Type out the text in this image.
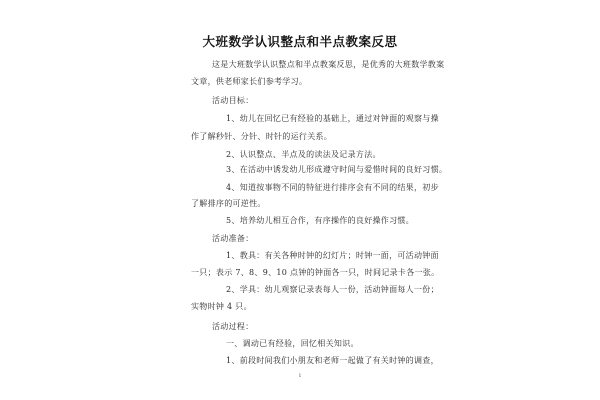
大班数学认识整点和半点教案反思
这是大班数学认识整点和半点教案反思，是优秀的大班数学教案
文章，供老师家长们参考学习。
活动目标：
1、幼儿在回忆已有经验的基础上，通过对钟面的观察与操
作了解秒针、分针、时针的运行关系。
2、认识整点、半点及的读法及记录方法。
3、在活动中诱发幼儿形成遵守时间与爱惜时间的良好习惯。
4、知道按事物不同的特征进行排序会有不同的结果，初步
了解排序的可逆性。
5、培养幼儿相互合作，有序操作的良好操作习惯。
活动准备：
1、教具：有关各种时钟的幻灯片；时钟一面，可活动钟面
一只；表示 7、8、9、10 点钟的钟面各一只，时间记录卡各一张。
2、学具：幼儿观察记录表每人一份，活动钟面每人一份；
实物时钟 4 只。
活动过程：
一、调动已有经验，回忆相关知识。
1、前段时间我们小朋友和老师一起做了有关时钟的调查，
1
